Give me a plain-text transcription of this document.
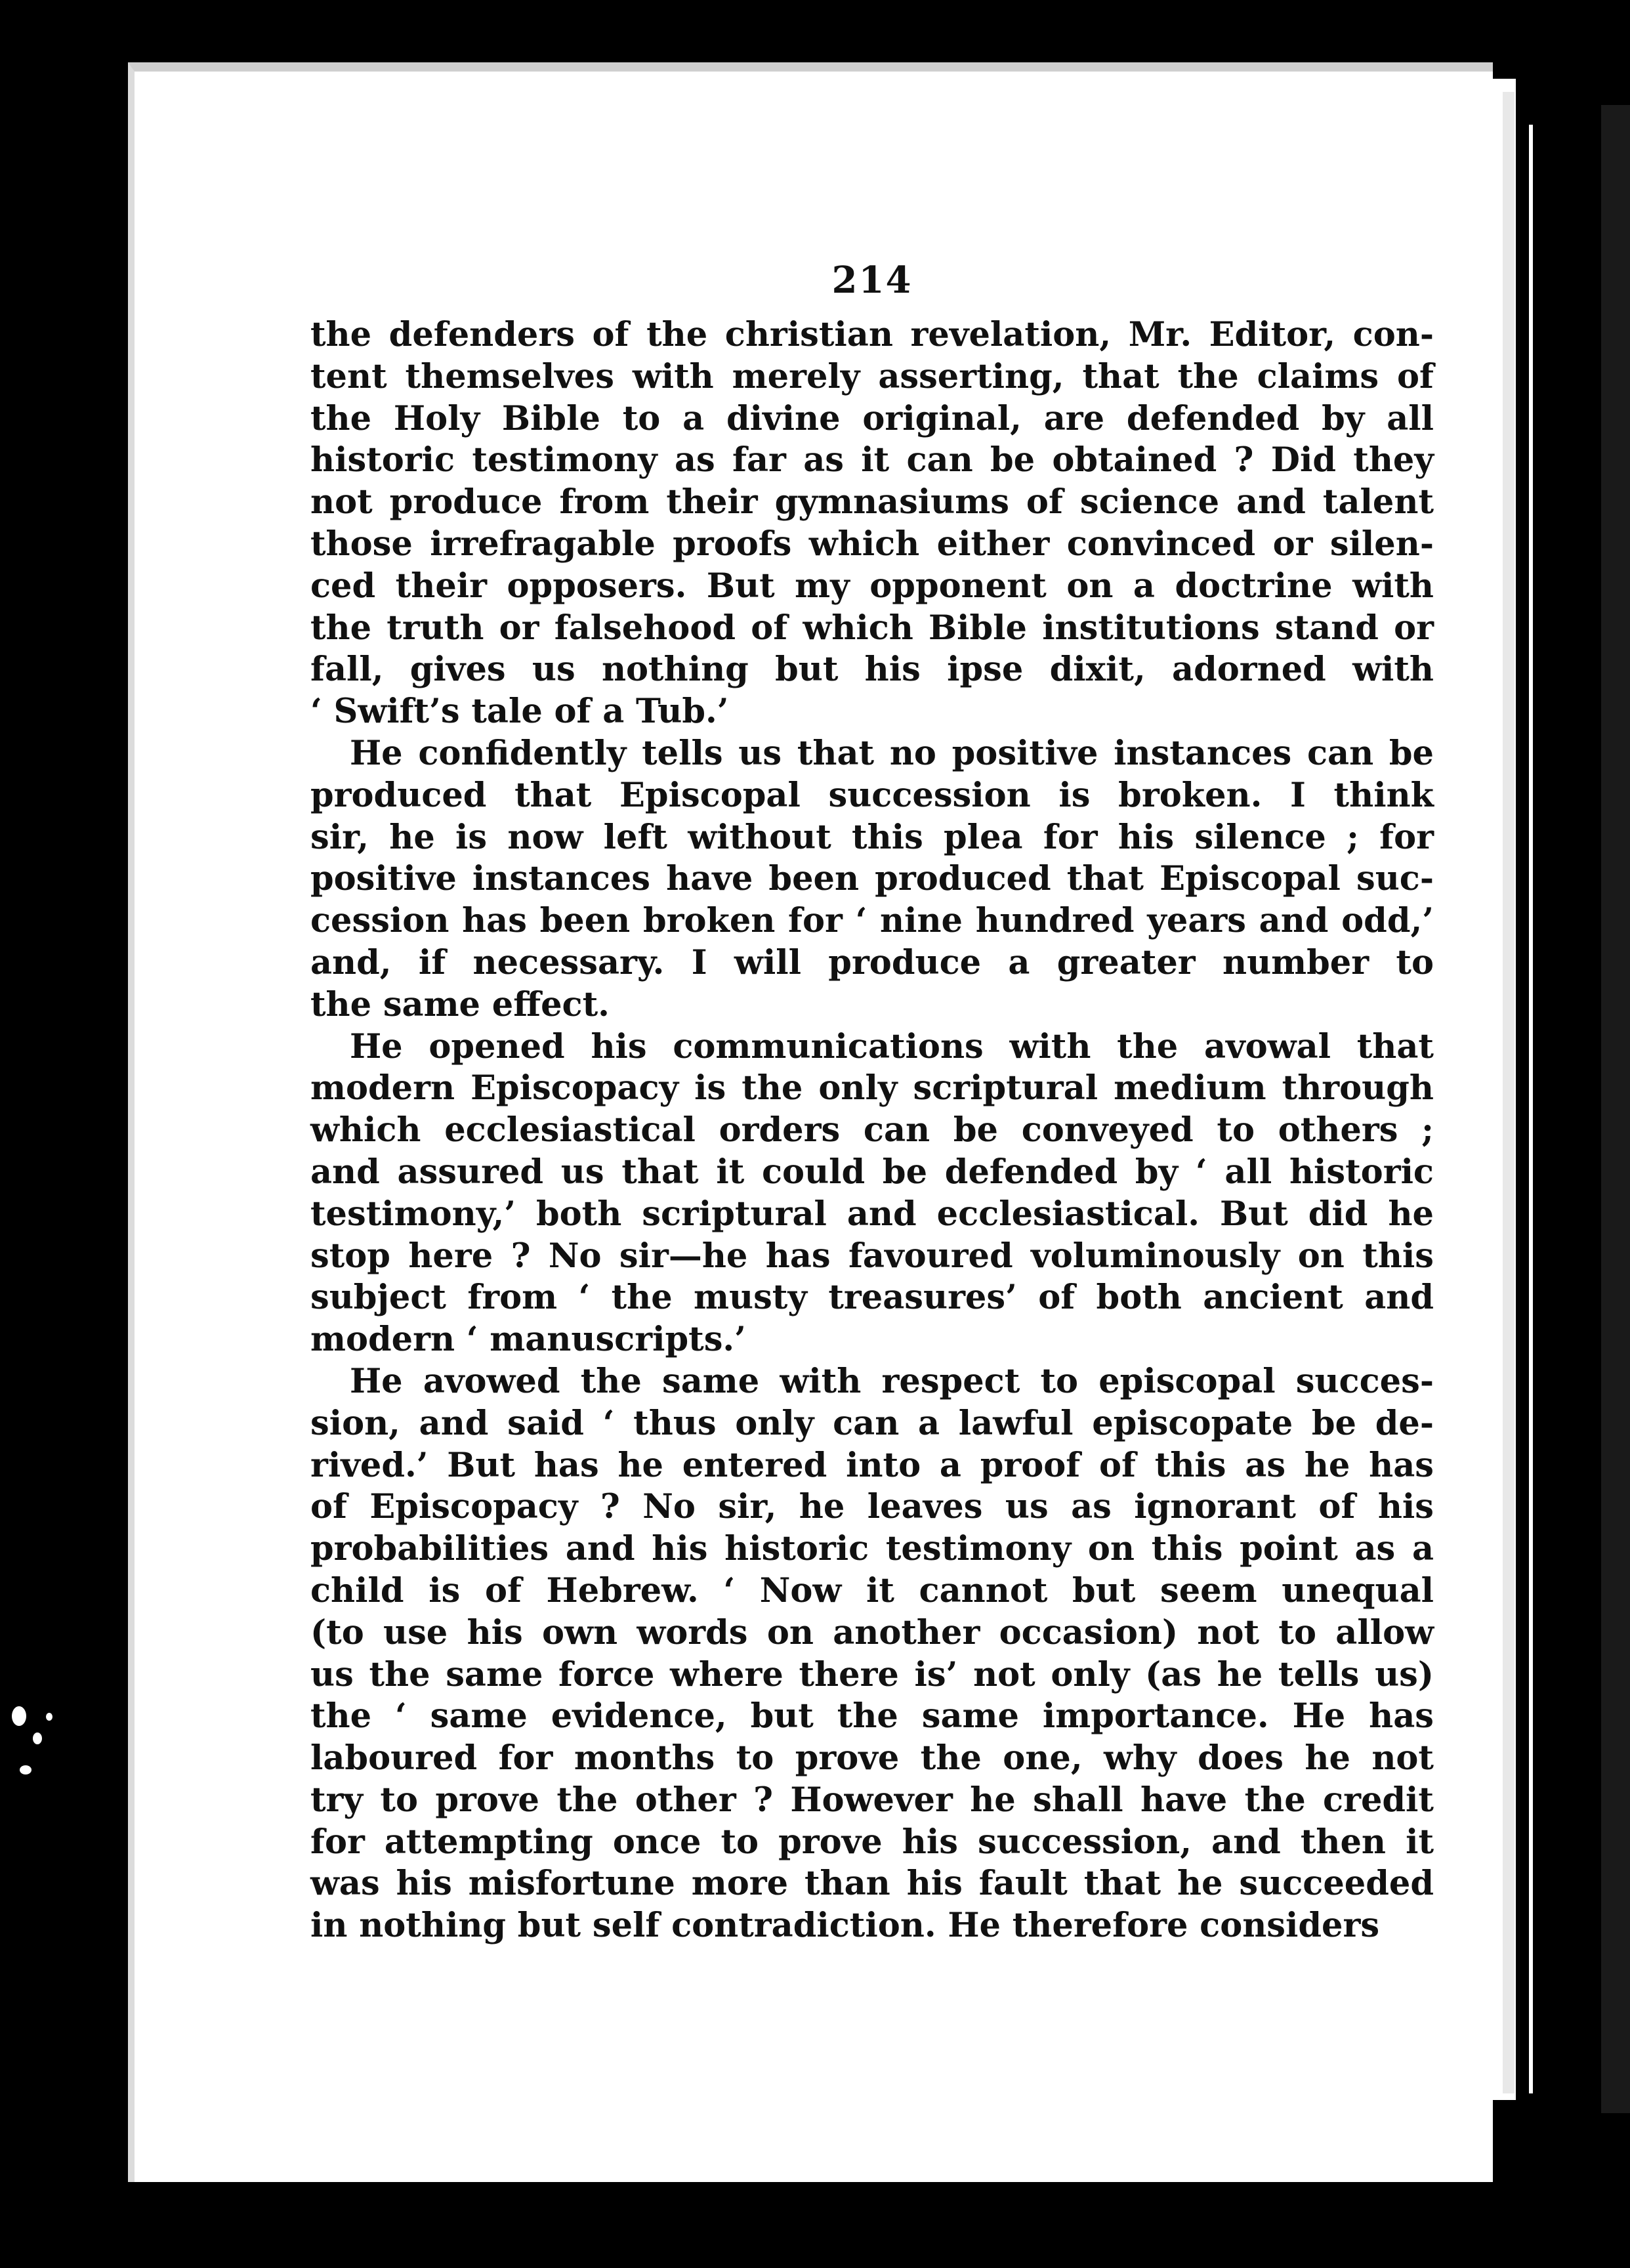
214
the defenders of the christian revelation, Mr. Editor, con-
tent themselves with merely asserting, that the claims of
the Holy Bible to a divine original, are defended by all
historic testimony as far as it can be obtained ? Did they
not produce from their gymnasiums of science and talent
those irrefragable proofs which either convinced or silen-
ced their opposers. But my opponent on a doctrine with
the truth or falsehood of which Bible institutions stand or
fall, gives us nothing but his ipse dixit, adorned with
‘ Swift’s tale of a Tub.’
He confidently tells us that no positive instances can be
produced that Episcopal succession is broken. I think
sir, he is now left without this plea for his silence ; for
positive instances have been produced that Episcopal suc-
cession has been broken for ‘ nine hundred years and odd,’
and, if necessary. I will produce a greater number to
the same effect.
He opened his communications with the avowal that
modern Episcopacy is the only scriptural medium through
which ecclesiastical orders can be conveyed to others ;
and assured us that it could be defended by ‘ all historic
testimony,’ both scriptural and ecclesiastical. But did he
stop here ? No sir—he has favoured voluminously on this
subject from ‘ the musty treasures’ of both ancient and
modern ‘ manuscripts.’
He avowed the same with respect to episcopal succes-
sion, and said ‘ thus only can a lawful episcopate be de-
rived.’ But has he entered into a proof of this as he has
of Episcopacy ? No sir, he leaves us as ignorant of his
probabilities and his historic testimony on this point as a
child is of Hebrew. ‘ Now it cannot but seem unequal
(to use his own words on another occasion) not to allow
us the same force where there is’ not only (as he tells us)
the ‘ same evidence, but the same importance. He has
laboured for months to prove the one, why does he not
try to prove the other ? However he shall have the credit
for attempting once to prove his succession, and then it
was his misfortune more than his fault that he succeeded
in nothing but self contradiction. He therefore considers
